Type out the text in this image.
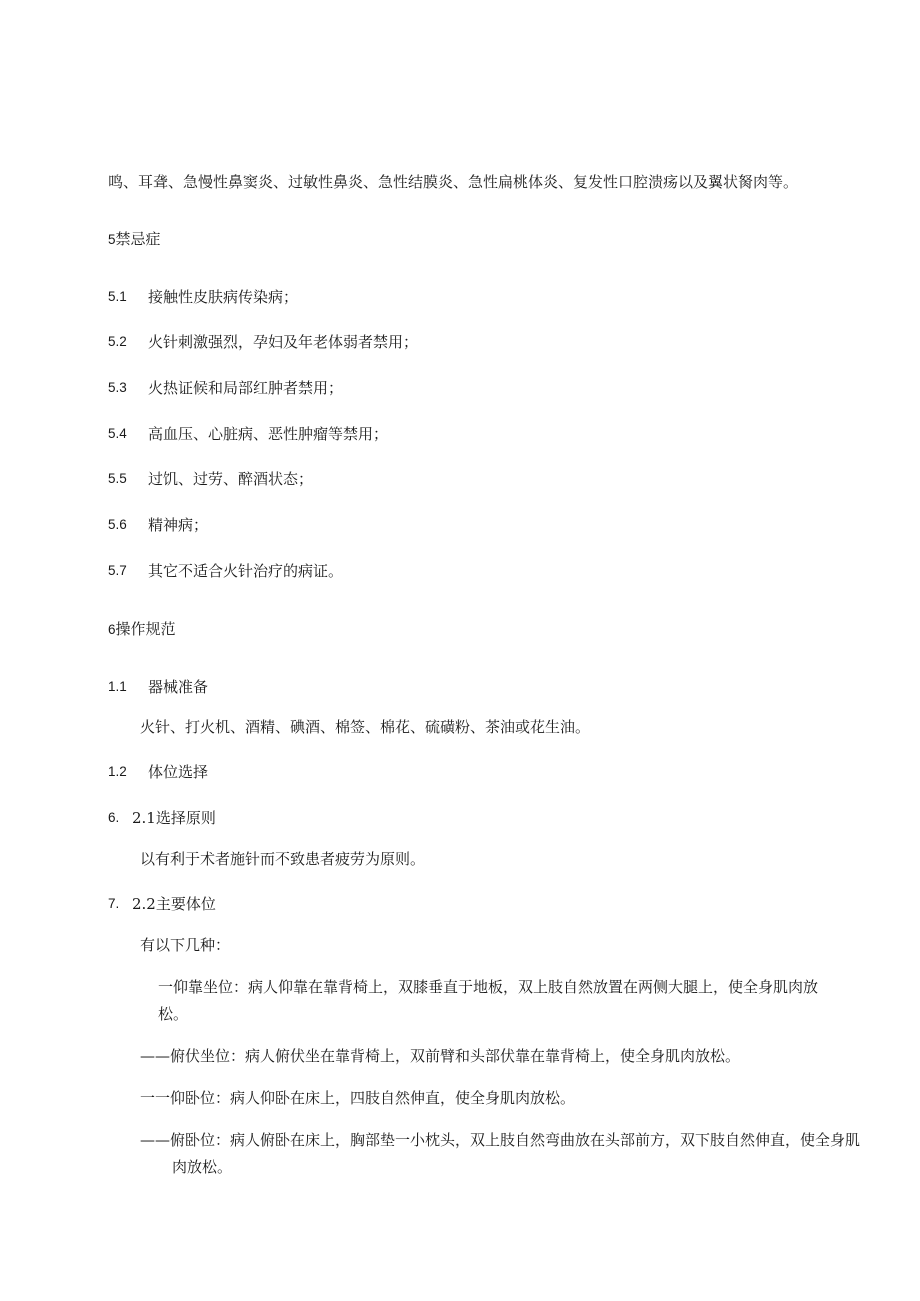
鸣、耳聋、急慢性鼻窦炎、过敏性鼻炎、急性结膜炎、急性扁桃体炎、复发性口腔溃疡以及翼状胬肉等。
5禁忌症
5.1 接触性皮肤病传染病；
5.2 火针刺激强烈，孕妇及年老体弱者禁用；
5.3 火热证候和局部红肿者禁用；
5.4 高血压、心脏病、恶性肿瘤等禁用；
5.5 过饥、过劳、醉酒状态；
5.6 精神病；
5.7 其它不适合火针治疗的病证。
6操作规范
1.1 器械准备
火针、打火机、酒精、碘酒、棉签、棉花、硫磺粉、茶油或花生油。
1.2 体位选择
6. 2.1选择原则
以有利于术者施针而不致患者疲劳为原则。
7. 2.2主要体位
有以下几种：
一仰靠坐位：病人仰靠在靠背椅上，双膝垂直于地板，双上肢自然放置在两侧大腿上，使全身肌肉放松。
——俯伏坐位：病人俯伏坐在靠背椅上，双前臂和头部伏靠在靠背椅上，使全身肌肉放松。
一一仰卧位：病人仰卧在床上，四肢自然伸直，使全身肌肉放松。
——俯卧位：病人俯卧在床上，胸部垫一小枕头，双上肢自然弯曲放在头部前方，双下肢自然伸直，使全身肌肉放松。
